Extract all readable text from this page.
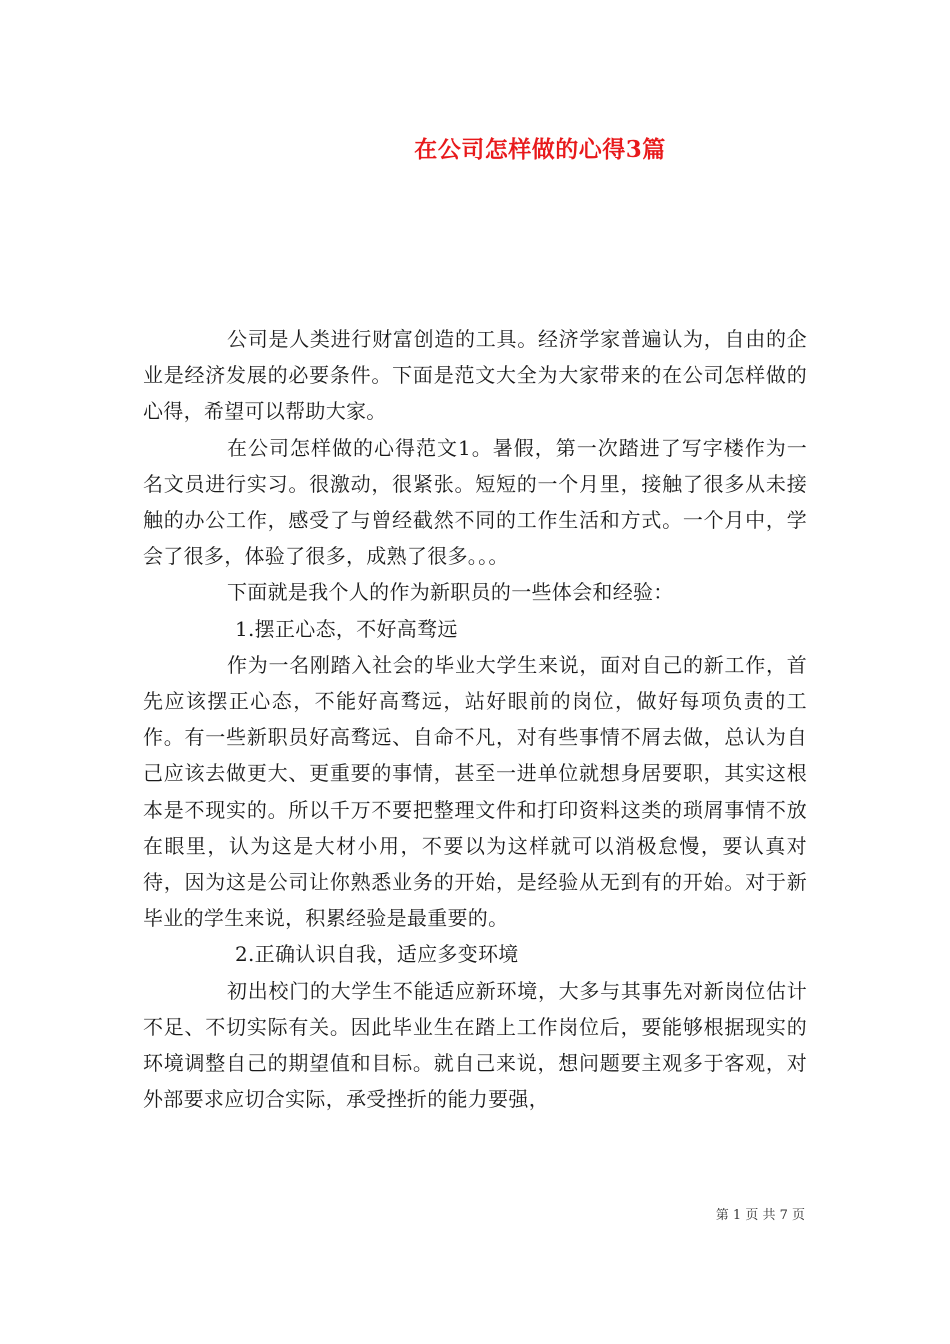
在公司怎样做的心得3篇

公司是人类进行财富创造的工具。经济学家普遍认为，自由的企业是经济发展的必要条件。下面是范文大全为大家带来的在公司怎样做的心得，希望可以帮助大家。

在公司怎样做的心得范文1。暑假，第一次踏进了写字楼作为一名文员进行实习。很激动，很紧张。短短的一个月里，接触了很多从未接触的办公工作，感受了与曾经截然不同的工作生活和方式。一个月中，学会了很多，体验了很多，成熟了很多。。。

下面就是我个人的作为新职员的一些体会和经验：

1.摆正心态，不好高骛远

作为一名刚踏入社会的毕业大学生来说，面对自己的新工作，首先应该摆正心态，不能好高骛远，站好眼前的岗位，做好每项负责的工作。有一些新职员好高骛远、自命不凡，对有些事情不屑去做，总认为自己应该去做更大、更重要的事情，甚至一进单位就想身居要职，其实这根本是不现实的。所以千万不要把整理文件和打印资料这类的琐屑事情不放在眼里，认为这是大材小用，不要以为这样就可以消极怠慢，要认真对待，因为这是公司让你熟悉业务的开始，是经验从无到有的开始。对于新毕业的学生来说，积累经验是最重要的。

2.正确认识自我，适应多变环境

初出校门的大学生不能适应新环境，大多与其事先对新岗位估计不足、不切实际有关。因此毕业生在踏上工作岗位后，要能够根据现实的环境调整自己的期望值和目标。就自己来说，想问题要主观多于客观，对外部要求应切合实际，承受挫折的能力要强，

第 1 页 共 7 页
